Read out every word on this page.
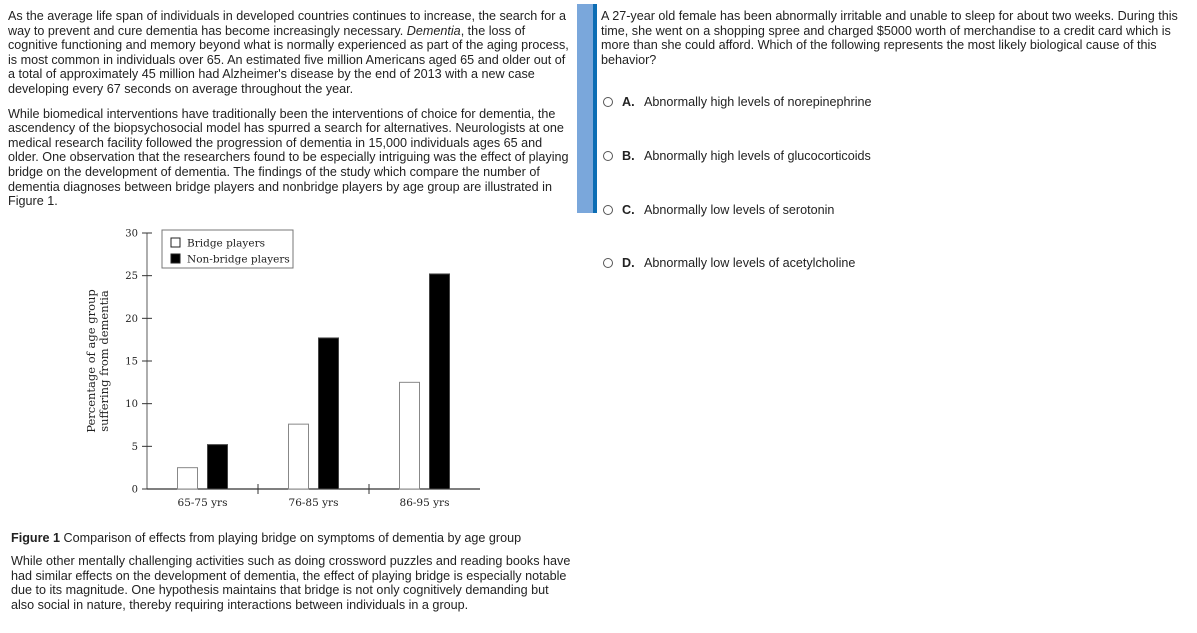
As the average life span of individuals in developed countries continues to increase, the search for a way to prevent and cure dementia has become increasingly necessary. Dementia, the loss of cognitive functioning and memory beyond what is normally experienced as part of the aging process, is most common in individuals over 65. An estimated five million Americans aged 65 and older out of a total of approximately 45 million had Alzheimer's disease by the end of 2013 with a new case developing every 67 seconds on average throughout the year.

While biomedical interventions have traditionally been the interventions of choice for dementia, the ascendency of the biopsychosocial model has spurred a search for alternatives. Neurologists at one medical research facility followed the progression of dementia in 15,000 individuals ages 65 and older. One observation that the researchers found to be especially intriguing was the effect of playing bridge on the development of dementia. The findings of the study which compare the number of dementia diagnoses between bridge players and nonbridge players by age group are illustrated in Figure 1.

0
5
10
15
20
25
30
Percentage of age group suffering from dementia
65-75 yrs	76-85 yrs	86-95 yrs
Bridge players
Non-bridge players
Figure 1 Comparison of effects from playing bridge on symptoms of dementia by age group
While other mentally challenging activities such as doing crossword puzzles and reading books have had similar effects on the development of dementia, the effect of playing bridge is especially notable due to its magnitude. One hypothesis maintains that bridge is not only cognitively demanding but also social in nature, thereby requiring interactions between individuals in a group.
A 27-year old female has been abnormally irritable and unable to sleep for about two weeks. During this time, she went on a shopping spree and charged $5000 worth of merchandise to a credit card which is more than she could afford. Which of the following represents the most likely biological cause of this behavior?
A. Abnormally high levels of norepinephrine
B. Abnormally high levels of glucocorticoids
C. Abnormally low levels of serotonin
D. Abnormally low levels of acetylcholine
